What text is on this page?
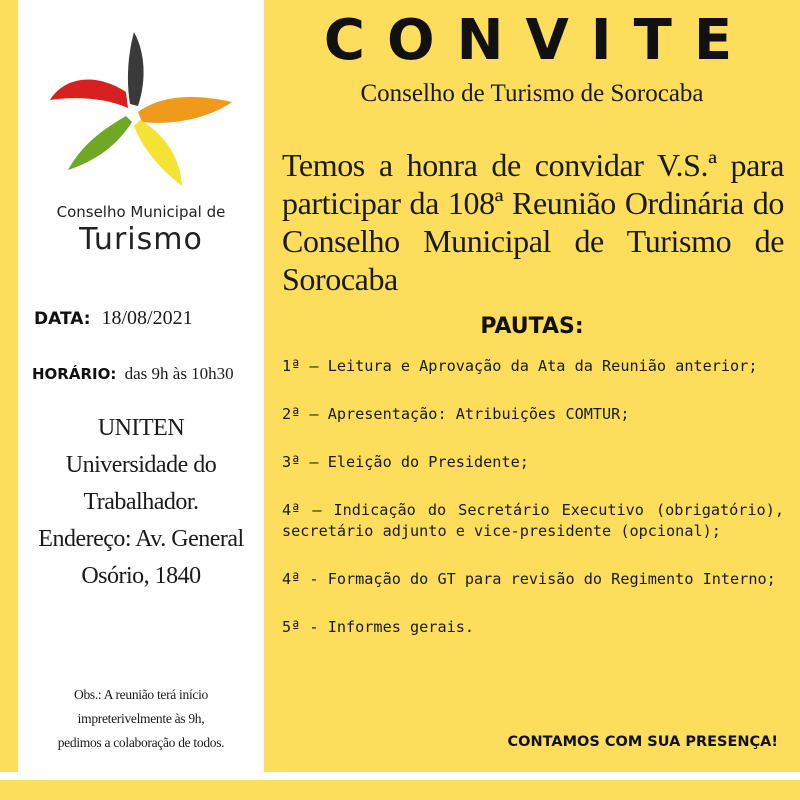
Conselho Municipal de
Turismo
DATA: 18/08/2021
HORÁRIO: das 9h às 10h30
UNITEN
Universidade do
Trabalhador.
Endereço: Av. General
Osório, 1840
Obs.: A reunião terá início
impreterivelmente às 9h,
pedimos a colaboração de todos.
CONVITE
Conselho de Turismo de Sorocaba
Temos a honra de convidar V.S.ª para participar da 108ª Reunião Ordinária do Conselho Municipal de Turismo de Sorocaba
PAUTAS:
1ª – Leitura e Aprovação da Ata da Reunião anterior;
2ª – Apresentação: Atribuições COMTUR;
3ª – Eleição do Presidente;
4ª – Indicação do Secretário Executivo (obrigatório), secretário adjunto e vice-presidente (opcional);
4ª - Formação do GT para revisão do Regimento Interno;
5ª - Informes gerais.
CONTAMOS COM SUA PRESENÇA!
